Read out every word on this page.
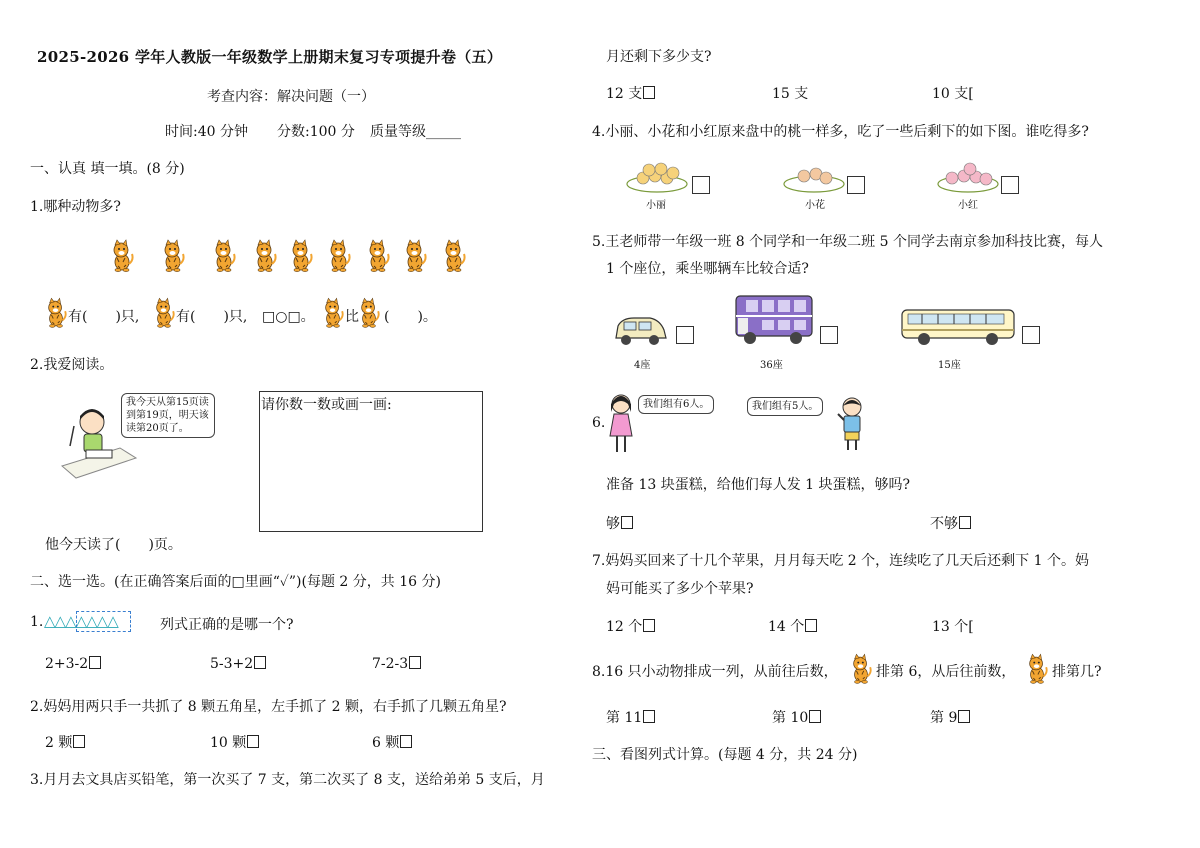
2025-2026 学年人教版一年级数学上册期末复习专项提升卷（五）
考查内容：解决问题（一）
时间:40 分钟 分数:100 分 质量等级_____
一、认真 填一填。(8 分)
1.哪种动物多?
有(　　)只,	有(　　)只, □○□。 比 (　　)。
2.我爱阅读。
我今天从第15页读到第19页，明天该读第20页了。
请你数一数或画一画:
他今天读了(　　)页。
二、选一选。(在正确答案后面的□里画“✓”)(每题 2 分，共 16 分)
1. △△△△△△△	列式正确的是哪一个?
2+3-2	5-3+2	7-2-3
2.妈妈用两只手一共抓了 8 颗五角星，左手抓了 2 颗，右手抓了几颗五角星?
2 颗	10 颗	6 颗
3.月月去文具店买铅笔，第一次买了 7 支，第二次买了 8 支，送给弟弟 5 支后，月
月还剩下多少支?
12 支	15 支	10 支[
4.小丽、小花和小红原来盘中的桃一样多，吃了一些后剩下的如下图。谁吃得多?
小丽	小花	小红
5.王老师带一年级一班 8 个同学和一年级二班 5 个同学去南京参加科技比赛，每人
1 个座位，乘坐哪辆车比较合适?
4座	36座	15座
6.
我们组有6人。	我们组有5人。
准备 13 块蛋糕，给他们每人发 1 块蛋糕，够吗?
够	不够
7.妈妈买回来了十几个苹果，月月每天吃 2 个，连续吃了几天后还剩下 1 个。妈
妈可能买了多少个苹果?
12 个	14 个	13 个[
8.16 只小动物排成一列，从前往后数，	排第 6，从后往前数，	排第几?
第 11	第 10	第 9
三、看图列式计算。(每题 4 分，共 24 分)
